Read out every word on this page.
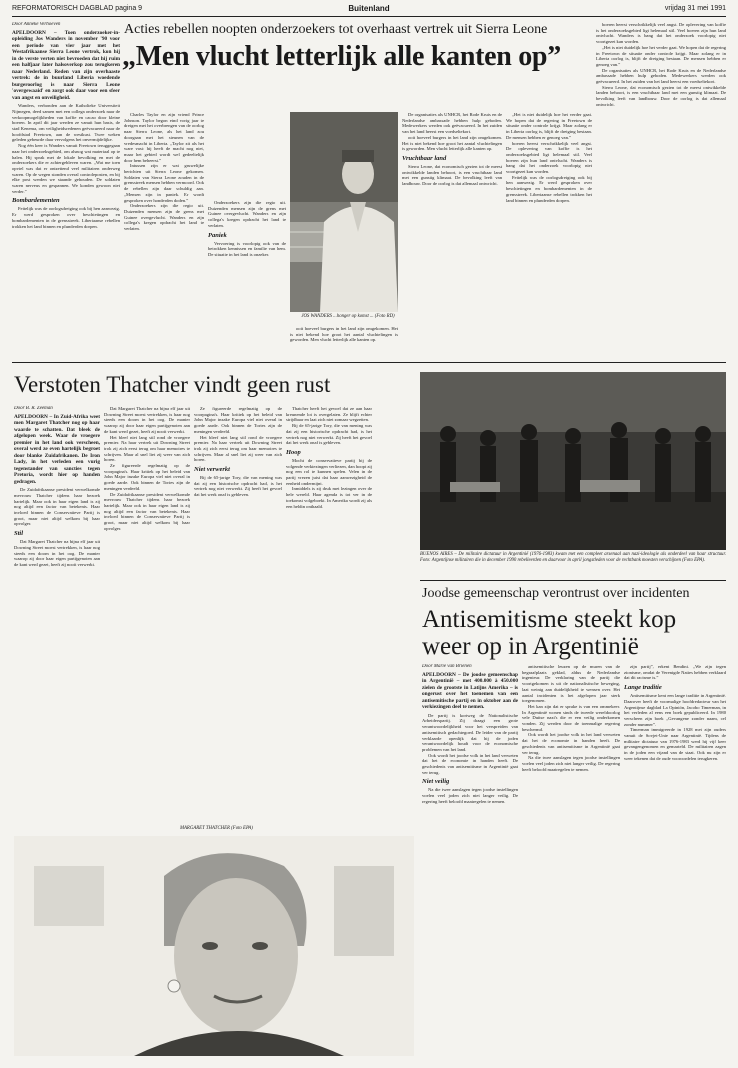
REFORMATORISCH DAGBLAD pagina 9	Buitenland	vrijdag 31 mei 1991
Door Anneke Verhoeven
APELDOORN – Toen onderzoeker-in-opleiding Jos Wanders in november '90 voor een periode van vier jaar met het Westafrikaanse Sierra Leone vertrok, kon hij in de verste verten niet bevroeden dat hij ruim een halfjaar later halsoverkop zou terugkeren naar Nederland. Reden van zijn overhaaste vertrek: de in buurland Liberia woedende burgeroorlog is naar Sierra Leone 'overgewaaid' en zorgt ook daar voor een sfeer van angst en onveiligheid.

Wanders, verbonden aan de Katholieke Universiteit Nijmegen, deed samen met een collega onderzoek naar de verkoopmogelijkheden van koffie en cacao door kleine boeren. In april dit jaar werden ze vanuit hun basis, de stad Kenema, om veiligheidsredenen geëvacueerd naar de hoofdstad Freetown, aan de westkust. Twee weken geleden gebeurde daar vervolgens het onvermijdelijke.

Nog één keer is Wanders vanuit Freetown teruggegaan naar het onderzoeksgebied, om alsnog wat materiaal op te halen. Hij sprak met de lokale bevolking en met de onderzoekers die er achtergebleven waren. „Wat me toen opviel was dat er ontzettend veel militairen onderweg waren. Op de wegen stonden overal controleposten, en bij elke post werden we staande gehouden. De soldaten waren nerveus en gespannen. We konden gewoon niet verder.”

Bombardementen

Feitelijk was de oorlogsdreiging ook bij hen aanwezig. Er werd gesproken over beschietingen en bombardementen in de grensstreek. Liberiaanse rebellen trokken het land binnen en plunderden dorpen.

Acties rebellen noopten onderzoekers tot overhaast vertrek uit Sierra Leone
„Men vlucht letterlijk alle kanten op”

Charles Taylor en zijn vriend Prince Johnson. Taylor begon eind vorig jaar te dreigen met het overbrengen van de oorlog naar Sierra Leone, als het land zou doorgaan met het steunen van de vredesmacht in Liberia. „Taylor zit als het ware vast: hij heeft de macht nog niet, maar het gebied wordt wel gedeeltelijk door hem beheerst.”

Intussen zijn er wat gruwelijke berichten uit Sierra Leone gekomen. Soldaten van Sierra Leone zouden in de grensstreek mensen hebben vermoord. Ook de rebellen zijn daar schuldig aan. „Mensen zijn in paniek. Er wordt gesproken over honderden doden.”

Onderzoekers zijn die regio uit. Duizenden mensen zijn de grens met Guinee overgevlucht. Wanders en zijn collega's kregen opdracht het land te verlaten.

Onderzoekers zijn die regio uit. Duizenden mensen zijn de grens met Guinee overgevlucht. Wanders en zijn collega's kregen opdracht het land te verlaten.

Paniek

Vervoering is voorlopig ook van de betrokken kennissen en familie van hem. De situatie in het land is onzeker.

JOS WANDERS ...honger op komst ... (Foto RD)

ooit hoeveel burgers in het land zijn omgekomen. Het is niet bekend hoe groot het aantal vluchtelingen is geworden. Men vlucht letterlijk alle kanten op.

De organisaties als UNHCR, het Rode Kruis en de Nederlandse ambassade hebben hulp geboden. Medewerkers werden ook geëvacueerd. In het zuiden van het land heerst een voedseltekort.

ooit hoeveel burgers in het land zijn omgekomen. Het is niet bekend hoe groot het aantal vluchtelingen is geworden. Men vlucht letterlijk alle kanten op.

Vruchtbaar land

Sierra Leone, dat economisch gezien tot de meest ontwikkelde landen behoort, is een vruchtbaar land met een gunstig klimaat. De bevolking leeft van landbouw. Door de oorlog is dat allemaal ontwricht.

boeren heerst verschrikkelijk veel angst. De oplevering van koffie is het onderzoeksgebied ligt helemaal stil. Veel boeren zijn hun land ontvlucht. Wanders is bang dat het onderzoek voorlopig niet voortgezet kan worden.

„Het is niet duidelijk hoe het verder gaat. We hopen dat de regering in Freetown de situatie onder controle krijgt. Maar zolang er in Liberia oorlog is, blijft de dreiging bestaan. De mensen hebben er genoeg van.”

De organisaties als UNHCR, het Rode Kruis en de Nederlandse ambassade hebben hulp geboden. Medewerkers werden ook geëvacueerd. In het zuiden van het land heerst een voedseltekort.

Sierra Leone, dat economisch gezien tot de meest ontwikkelde landen behoort, is een vruchtbaar land met een gunstig klimaat. De bevolking leeft van landbouw. Door de oorlog is dat allemaal ontwricht.

„Het is niet duidelijk hoe het verder gaat. We hopen dat de regering in Freetown de situatie onder controle krijgt. Maar zolang er in Liberia oorlog is, blijft de dreiging bestaan. De mensen hebben er genoeg van.”

boeren heerst verschrikkelijk veel angst. De oplevering van koffie is het onderzoeksgebied ligt helemaal stil. Veel boeren zijn hun land ontvlucht. Wanders is bang dat het onderzoek voorlopig niet voortgezet kan worden.

Feitelijk was de oorlogsdreiging ook bij hen aanwezig. Er werd gesproken over beschietingen en bombardementen in de grensstreek. Liberiaanse rebellen trokken het land binnen en plunderden dorpen.

Verstoten Thatcher vindt geen rust
Door B. R. Zeeman
APELDOORN – In Zuid-Afrika weet men Margaret Thatcher nog op haar waarde te schatten. Dat bleek de afgelopen week. Waar de vroegere premier in het land ook verscheen, overal werd ze even hartelijk begroet door blanke Zuidafrikanen. De Iron Lady, in het verleden een vurig tegenstander van sancties tegen Pretoria, wordt hier op handen gedragen.

De Zuidafrikaanse president verwelkomde mevrouw Thatcher tijdens haar bezoek hartelijk. Maar ook in haar eigen land is zij nog altijd een factor van betekenis. Haar invloed binnen de Conservatieve Partij is groot, maar niet altijd welkom bij haar opvolger.

Stil

Dat Margaret Thatcher na bijna elf jaar uit Downing Street moest vertrekken, is haar nog steeds een doorn in het oog. De manier waarop zij door haar eigen partijgenoten aan de kant werd gezet, heeft zij nooit verwerkt.

Dat Margaret Thatcher na bijna elf jaar uit Downing Street moest vertrekken, is haar nog steeds een doorn in het oog. De manier waarop zij door haar eigen partijgenoten aan de kant werd gezet, heeft zij nooit verwerkt.

Het bleef niet lang stil rond de vroegere premier. Na haar vertrek uit Downing Street trok zij zich eerst terug om haar memoires te schrijven. Maar al snel liet zij weer van zich horen.

Ze figureerde regelmatig op de voorpagina's. Haar kritiek op het beleid van John Major inzake Europa viel niet overal in goede aarde. Ook binnen de Tories zijn de meningen verdeeld.

De Zuidafrikaanse president verwelkomde mevrouw Thatcher tijdens haar bezoek hartelijk. Maar ook in haar eigen land is zij nog altijd een factor van betekenis. Haar invloed binnen de Conservatieve Partij is groot, maar niet altijd welkom bij haar opvolger.

Ze figureerde regelmatig op de voorpagina's. Haar kritiek op het beleid van John Major inzake Europa viel niet overal in goede aarde. Ook binnen de Tories zijn de meningen verdeeld.

Het bleef niet lang stil rond de vroegere premier. Na haar vertrek uit Downing Street trok zij zich eerst terug om haar memoires te schrijven. Maar al snel liet zij weer van zich horen.

Niet verwerkt

Bij de 65-jarige Tory, die van mening was dat zij een historische opdracht had, is het vertrek nog niet verwerkt. Zij heeft het gevoel dat het werk onaf is gebleven.

Thatcher heeft het gevoel dat ze aan haar kreunende lot is overgelaten. Ze blijft echter strijdbaar en laat zich niet zomaar wegzetten.

Bij de 65-jarige Tory, die van mening was dat zij een historische opdracht had, is het vertrek nog niet verwerkt. Zij heeft het gevoel dat het werk onaf is gebleven.

Hoop

Mocht de conservatieve partij bij de volgende verkiezingen verliezen, dan hoopt zij nog een rol te kunnen spelen. Velen in de partij vrezen juist dat haar aanwezigheid de eenheid ondermijnt.

Inmiddels is zij druk met lezingen over de hele wereld. Haar agenda is tot ver in de toekomst volgeboekt. In Amerika wordt zij als een heldin onthaald.

MARGARET THATCHER (Foto EPA)
BUENOS AIRES – De militaire dictatuur in Argentinië (1976-1983) kwam met een compleet arsenaal aan nazi-ideologie als onderdeel van haar structuur. Foto: Argentijnse militairen die in december 1990 rebelleerden en daarvoor in april jongstleden voor de rechtbank moesten verschijnen (Foto EPA).
Joodse gemeenschap verontrust over incidenten
Antisemitisme steekt kop weer op in Argentinië
Door Marie van Brienen
APELDOORN – De joodse gemeenschap in Argentinië – met 400.000 à 450.000 zielen de grootste in Latijns Amerika – is ongerust over het toenemen van een antisemitische partij en in oktober aan de verkiezingen deel te nemen.

De partij is kortweg de Nationalistische Arbeiderspartij. Zij draagt een grote verantwoordelijkheid voor het verspreiden van antisemitisch gedachtegoed. De leider van de partij verklaarde openlijk dat hij de joden verantwoordelijk houdt voor de economische problemen van het land.

Ook wordt het joodse volk in het land verweten dat het de economie in handen heeft. De geschiedenis van antisemitisme in Argentinië gaat ver terug.

Niet veilig

Na die twee aanslagen tegen joodse instellingen voelen veel joden zich niet langer veilig. De regering heeft beloofd maatregelen te nemen.

antisemitische leuzen op de muren van de begraafplaats geklad, aldus de Nederlandse ingenieur. De verklaring van de partij die voortgekomen is uit de nationalistische beweging, laat weinig aan duidelijkheid te wensen over. Het aantal incidenten is het afgelopen jaar sterk toegenomen.

Het kan zijn dat er sprake is van een ommekeer. In Argentinië wonen sinds de tweede wereldoorlog vele Duitse nazi's die er een veilig onderkomen vonden. Zij werden door de toenmalige regering beschermd.

Ook wordt het joodse volk in het land verweten dat het de economie in handen heeft. De geschiedenis van antisemitisme in Argentinië gaat ver terug.

Na die twee aanslagen tegen joodse instellingen voelen veel joden zich niet langer veilig. De regering heeft beloofd maatregelen te nemen.

zijn partij”, erkent Bendini. „We zijn tegen zionisme, omdat de Verenigde Naties hebben verklaard dat dit racisme is.”

Lange traditie

Antisemitisme kent een lange traditie in Argentinië. Daarover heeft de voormalige hoofdredacteur van het Argentijnse dagblad La Opinión, Jacobo Timerman, in het verleden al eens een boek gepubliceerd. In 1980 verscheen zijn boek „Gevangene zonder naam, cel zonder nummer”.

Timerman immigreerde in 1928 met zijn ouders vanuit de Sovjet-Unie naar Argentinië. Tijdens de militaire dictatuur van 1976-1983 werd hij vijf keer gevangengenomen en gemarteld. De militairen zagen in de joden een vijand van de staat. Ook nu zijn er weer tekenen dat de oude vooroordelen terugkeren.
